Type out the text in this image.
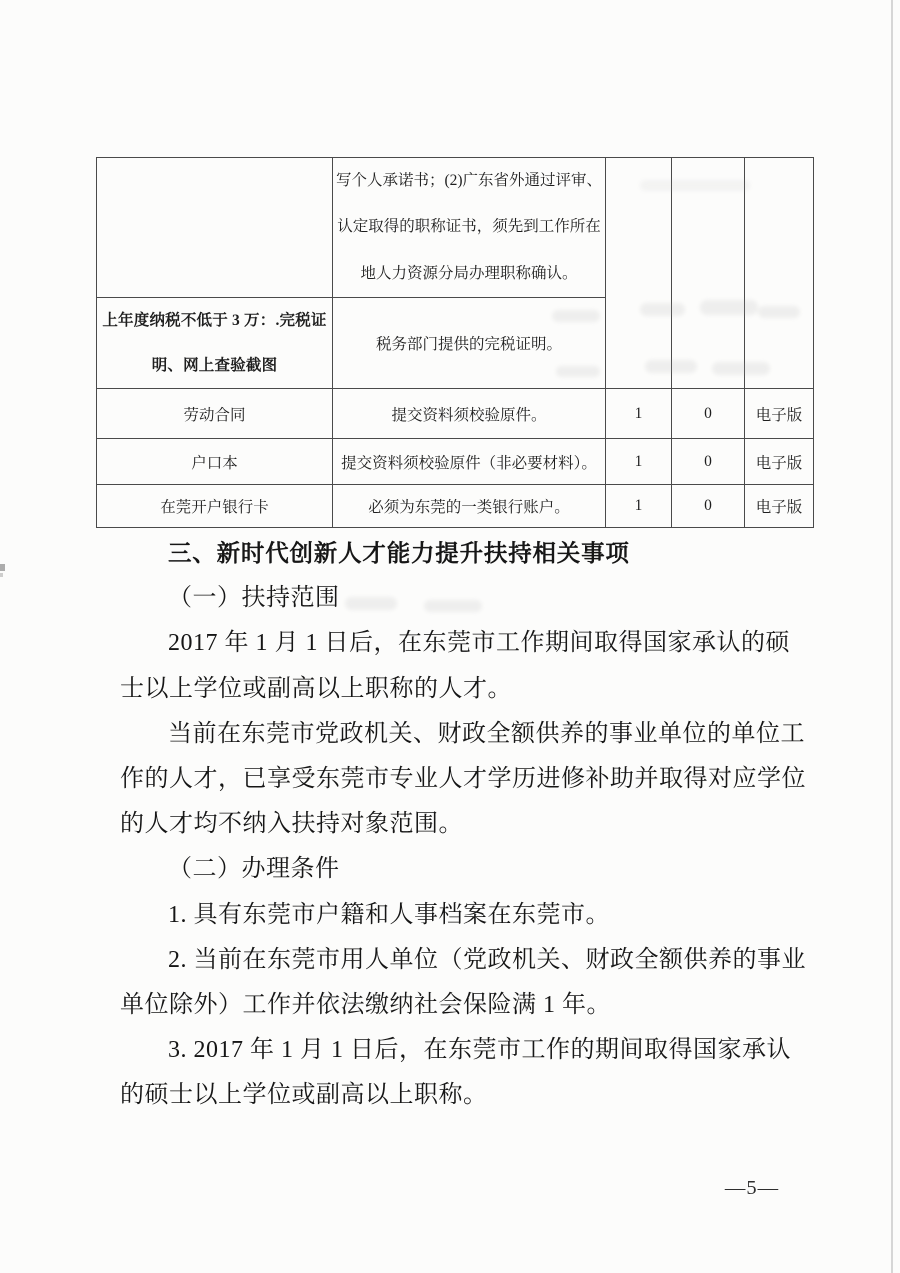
	写个人承诺书；(2)广东省外通过评审、
认定取得的职称证书，须先到工作所在
地人力资源分局办理职称确认。			

上年度纳税不低于 3 万：.完税证
明、网上查验截图	税务部门提供的完税证明。			
劳动合同	提交资料须校验原件。	1	0	电子版
户口本	提交资料须校验原件（非必要材料）。	1	0	电子版
在莞开户银行卡	必须为东莞的一类银行账户。	1	0	电子版
三、新时代创新人才能力提升扶持相关事项
（一）扶持范围
2017 年 1 月 1 日后，在东莞市工作期间取得国家承认的硕
士以上学位或副高以上职称的人才。
当前在东莞市党政机关、财政全额供养的事业单位的单位工
作的人才，已享受东莞市专业人才学历进修补助并取得对应学位
的人才均不纳入扶持对象范围。
（二）办理条件
1. 具有东莞市户籍和人事档案在东莞市。
2. 当前在东莞市用人单位（党政机关、财政全额供养的事业
单位除外）工作并依法缴纳社会保险满 1 年。
3. 2017 年 1 月 1 日后，在东莞市工作的期间取得国家承认
的硕士以上学位或副高以上职称。
—5—
